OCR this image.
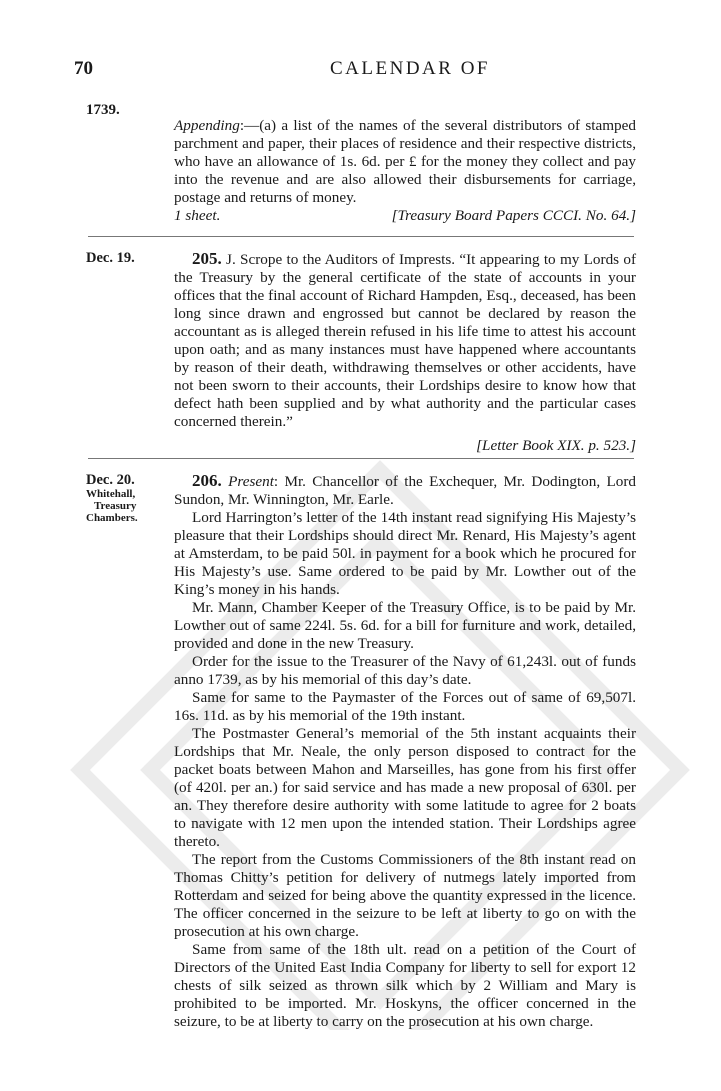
70	CALENDAR OF
1739.

Appending:—(a) a list of the names of the several distributors of stamped parchment and paper, their places of residence and their respective districts, who have an allowance of 1s. 6d. per £ for the money they collect and pay into the revenue and are also allowed their disbursements for carriage, postage and returns of money.

1 sheet.	[Treasury Board Papers CCCI. No. 64.]
Dec. 19.	205. J. Scrope to the Auditors of Imprests. “It appearing to my Lords of the Treasury by the general certificate of the state of accounts in your offices that the final account of Richard Hampden, Esq., deceased, has been long since drawn and engrossed but cannot be declared by reason the accountant as is alleged therein refused in his life time to attest his account upon oath; and as many instances must have happened where accountants by reason of their death, withdrawing themselves or other accidents, have not been sworn to their accounts, their Lordships desire to know how that defect hath been supplied and by what authority and the particular cases concerned therein.”

[Letter Book XIX. p. 523.]

Dec. 20.
Whitehall,
Treasury
Chambers.

206. Present: Mr. Chancellor of the Exchequer, Mr. Dodington, Lord Sundon, Mr. Winnington, Mr. Earle.

Lord Harrington’s letter of the 14th instant read signifying His Majesty’s pleasure that their Lordships should direct Mr. Renard, His Majesty’s agent at Amsterdam, to be paid 50l. in payment for a book which he procured for His Majesty’s use. Same ordered to be paid by Mr. Lowther out of the King’s money in his hands.

Mr. Mann, Chamber Keeper of the Treasury Office, is to be paid by Mr. Lowther out of same 224l. 5s. 6d. for a bill for furniture and work, detailed, provided and done in the new Treasury.

Order for the issue to the Treasurer of the Navy of 61,243l. out of funds anno 1739, as by his memorial of this day’s date.

Same for same to the Paymaster of the Forces out of same of 69,507l. 16s. 11d. as by his memorial of the 19th instant.

The Postmaster General’s memorial of the 5th instant acquaints their Lordships that Mr. Neale, the only person disposed to contract for the packet boats between Mahon and Marseilles, has gone from his first offer (of 420l. per an.) for said service and has made a new proposal of 630l. per an. They therefore desire authority with some latitude to agree for 2 boats to navigate with 12 men upon the intended station. Their Lordships agree thereto.

The report from the Customs Commissioners of the 8th instant read on Thomas Chitty’s petition for delivery of nutmegs lately imported from Rotterdam and seized for being above the quantity expressed in the licence. The officer concerned in the seizure to be left at liberty to go on with the prosecution at his own charge.

Same from same of the 18th ult. read on a petition of the Court of Directors of the United East India Company for liberty to sell for export 12 chests of silk seized as thrown silk which by 2 William and Mary is prohibited to be imported. Mr. Hoskyns, the officer concerned in the seizure, to be at liberty to carry on the prosecution at his own charge.
